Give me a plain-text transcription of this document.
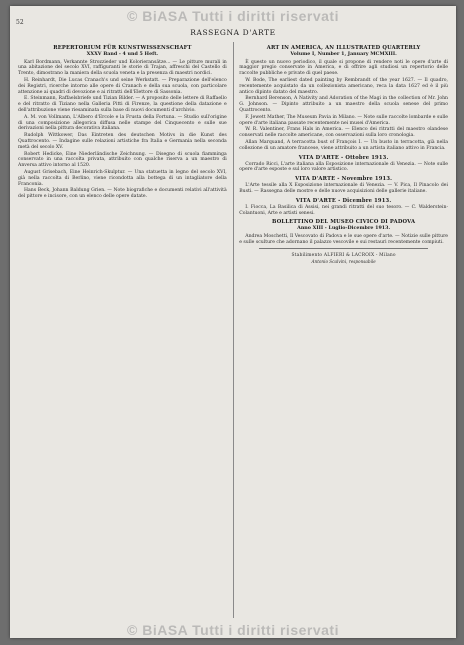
© BiASA Tutti i diritti riservati
52
RASSEGNA D'ARTE
REPERTORIUM FÜR KUNSTWISSENSCHAFT
XXXV Band - 4 und 5 Heft.
Karl Bordmann, Verkannte Strozzieder und Kolorieransätze... — Le pitture murali in una abitazione del secolo XVI, raffiguranti le storie di Trajan, affreschi del Castello di Trento, dimostrano la maniera della scuola veneta e la presenza di maestri nordici.
H. Reinhardt, Die Lucas Cranach's und seine Werkstatt. — Preparazione dell'elenco dei Registri, ricerche intorno alle opere di Cranach e della sua scuola, con particolare attenzione ai quadri di devozione e ai ritratti dell'Elettore di Sassonia.
E. Steinmann, Raffaelsbriefe und Tizian Bilder. — A proposito delle lettere di Raffaello e del ritratto di Tiziano nella Galleria Pitti di Firenze, la questione della datazione e dell'attribuzione viene riesaminata sulla base di nuovi documenti d'archivio.
A. M. von Vollmann, L'Albero d'Ercole e la Frusta della Fortuna. — Studio sull'origine di una composizione allegorica diffusa nelle stampe del Cinquecento e sulle sue derivazioni nella pittura decorativa italiana.
Rudolph Wittkower, Das Eintreten des deutschen Motivs in die Kunst des Quattrocento. — Indagine sulle relazioni artistiche fra Italia e Germania nella seconda metà del secolo XV.
Robert Hedicke, Eine Niederländische Zeichnung. — Disegno di scuola fiamminga conservato in una raccolta privata, attribuito con qualche riserva a un maestro di Anversa attivo intorno al 1520.
August Grisebach, Eine Heinrich-Skulptur. — Una statuetta in legno del secolo XVI, già nella raccolta di Berlino, viene ricondotta alla bottega di un intagliatore della Franconia.
Hans Beck, Johann Baldung Grien. — Note biografiche e documenti relativi all'attività del pittore e incisore, con un elenco delle opere datate.
ART IN AMERICA, AN ILLUSTRATED QUARTERLY
Volume I, Number 1, January MCMXIII.
È questo un nuovo periodico, il quale si propone di rendere noti le opere d'arte di maggior pregio conservate in America, e di offrire agli studiosi un repertorio delle raccolte pubbliche e private di quel paese.
W. Bode, The earliest dated painting by Rembrandt of the year 1627. — Il quadro, recentemente acquistato da un collezionista americano, reca la data 1627 ed è il più antico dipinto datato del maestro.
Bernhard Berenson, A Nativity and Adoration of the Magi in the collection of Mr. John G. Johnson. — Dipinto attribuito a un maestro della scuola senese del primo Quattrocento.
F. Jewett Mather, The Museum Pavia in Milano. — Note sulle raccolte lombarde e sulle opere d'arte italiana passate recentemente nei musei d'America.
W. R. Valentiner, Frans Hals in America. — Elenco dei ritratti del maestro olandese conservati nelle raccolte americane, con osservazioni sulla loro cronologia.
Allan Marquand, A terracotta bust of François I. — Un busto in terracotta, già nella collezione di un amatore francese, viene attribuito a un artista italiano attivo in Francia.
VITA D'ARTE - Ottobre 1913.
Corrado Ricci, L'arte italiana alla Esposizione internazionale di Venezia. — Note sulle opere d'arte esposte e sul loro valore artistico.
VITA D'ARTE - Novembre 1913.
L'Arte tessile alla X Esposizione internazionale di Venezia. — V. Pica, Il Pinacolo dei Busti. — Rassegna delle mostre e delle nuove acquisizioni delle gallerie italiane.
VITA D'ARTE - Dicembre 1913.
I. Fiocca, La Basilica di Assisi, nei grandi ritratti del suo tesoro. — C. Walderstein-Colantuoni, Arte e artisti senesi.
BOLLETTINO DEL MUSEO CIVICO DI PADOVA
Anno XIII - Luglio-Dicembre 1913.
Andrea Moschetti, Il Vescovato di Padova e le sue opere d'arte. — Notizie sulle pitture e sulle sculture che adornano il palazzo vescovile e sui restauri recentemente compiuti.
Stabilimento ALFIERI & LACROIX - Milano
Antonio Scalvini, responsabile
© BiASA Tutti i diritti riservati
